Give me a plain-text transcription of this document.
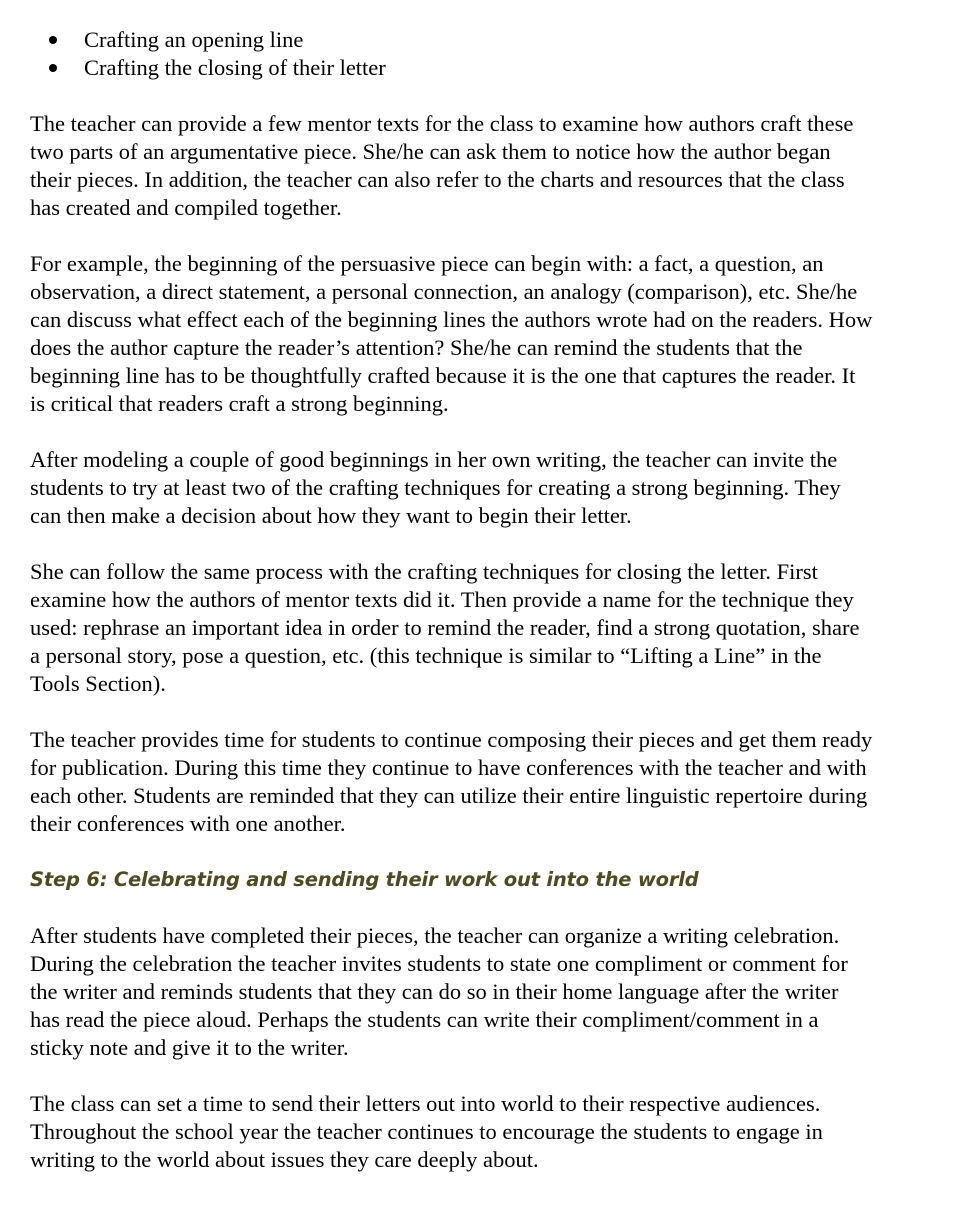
Crafting an opening line
Crafting the closing of their letter
The teacher can provide a few mentor texts for the class to examine how authors craft these
two parts of an argumentative piece. She/he can ask them to notice how the author began
their pieces. In addition, the teacher can also refer to the charts and resources that the class
has created and compiled together.
For example, the beginning of the persuasive piece can begin with: a fact, a question, an
observation, a direct statement, a personal connection, an analogy (comparison), etc. She/he
can discuss what effect each of the beginning lines the authors wrote had on the readers. How
does the author capture the reader’s attention? She/he can remind the students that the
beginning line has to be thoughtfully crafted because it is the one that captures the reader. It
is critical that readers craft a strong beginning.
After modeling a couple of good beginnings in her own writing, the teacher can invite the
students to try at least two of the crafting techniques for creating a strong beginning. They
can then make a decision about how they want to begin their letter.
She can follow the same process with the crafting techniques for closing the letter. First
examine how the authors of mentor texts did it. Then provide a name for the technique they
used: rephrase an important idea in order to remind the reader, find a strong quotation, share
a personal story, pose a question, etc. (this technique is similar to “Lifting a Line” in the
Tools Section).
The teacher provides time for students to continue composing their pieces and get them ready
for publication. During this time they continue to have conferences with the teacher and with
each other. Students are reminded that they can utilize their entire linguistic repertoire during
their conferences with one another.
Step 6: Celebrating and sending their work out into the world
After students have completed their pieces, the teacher can organize a writing celebration.
During the celebration the teacher invites students to state one compliment or comment for
the writer and reminds students that they can do so in their home language after the writer
has read the piece aloud. Perhaps the students can write their compliment/comment in a
sticky note and give it to the writer.
The class can set a time to send their letters out into world to their respective audiences.
Throughout the school year the teacher continues to encourage the students to engage in
writing to the world about issues they care deeply about.
